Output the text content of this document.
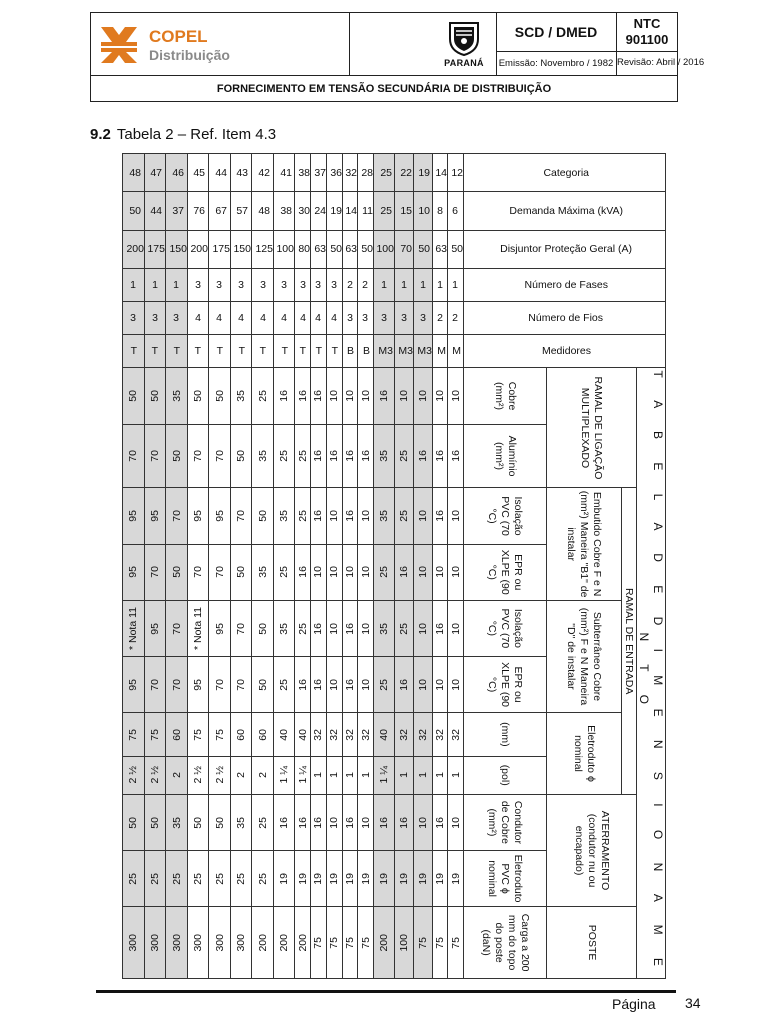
COPEL
Distribuição	PARANÁ
SCD / DMED
NTC
901100
Emissão: Novembro / 1982 Revisão: Abril / 2016
FORNECIMENTO EM TENSÃO SECUNDÁRIA DE DISTRIBUIÇÃO
9.2 Tabela 2 – Ref. Item 4.3
Categoria	Demanda Máxima (kVA)	Disjuntor Proteção Geral (A)	Número de Fases	Número de Fios	Medidores	T A B E L A D E D I M E N S I O N A M E N T O										
						RAMAL DE LIGAÇÃO MULTIPLEXADO		RAMAL DE ENTRADA						ATERRAMENTO (condutor nu ou encapado)		POSTE
								Embutido Cobre F e N (mm²) Maneira "B1" de instalar		Subterrâneo Cobre (mm²) F e N Maneira "D" de instalar		Eletroduto ϕ nominal				
						Cobre (mm²)	Alumínio (mm²)	Isolação PVC (70 °C)	EPR ou XLPE (90 °C)	Isolação PVC (70 °C)	EPR ou XLPE (90 °C)	(mm)	(pol)	Condutor de Cobre (mm²)	Eletroduto PVC ϕ nominal	Carga a 200 mm do topo do poste (daN)
12	6	50	1	2	M	10	16	10	10	10	10	32	1	10	19	75
14	8	63	1	2	M	10	16	16	10	16	10	32	1	16	19	75
19	10	50	1	3	M3	10	16	10	10	10	10	32	1	10	19	75
22	15	70	1	3	M3	10	25	25	16	25	16	32	1	16	19	100
25	25	100	1	3	M3	16	35	35	25	35	25	40	1 ¼	16	19	200
28	11	50	2	3	B	10	16	10	10	10	10	32	1	10	19	75
32	14	63	2	3	B	10	16	16	10	16	16	32	1	16	19	75
36	19	50	3	4	T	10	16	10	10	10	10	32	1	10	19	75
37	24	63	3	4	T	16	16	16	10	16	16	32	1	16	19	75
38	30	80	3	4	T	16	25	25	16	25	16	40	1 ¼	16	19	200
41	38	100	3	4	T	16	25	35	25	35	25	40	1 ¼	16	19	200
42	48	125	3	4	T	25	35	50	35	50	50	60	2	25	25	200
43	57	150	3	4	T	35	50	70	50	70	70	60	2	35	25	300
44	67	175	3	4	T	50	70	95	70	95	70	75	2 ½	50	25	300
45	76	200	3	4	T	50	70	95	70	* Nota 11	95	75	2 ½	50	25	300
46	37	150	1	3	T	35	50	70	50	70	70	60	2	35	25	300
47	44	175	1	3	T	50	70	95	70	95	70	75	2 ½	50	25	300
48	50	200	1	3	T	50	70	95	95	* Nota 11	95	75	2 ½	50	25	300
Página 34
